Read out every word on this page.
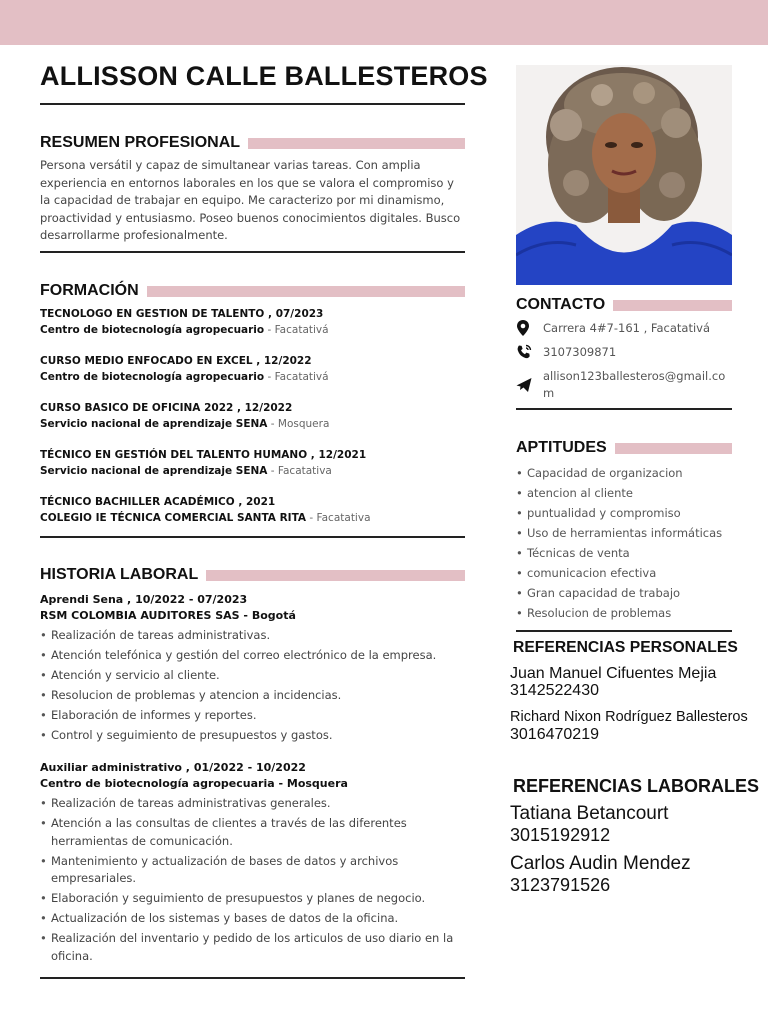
ALLISSON CALLE BALLESTEROS
RESUMEN PROFESIONAL
Persona versátil y capaz de simultanear varias tareas. Con amplia experiencia en entornos laborales en los que se valora el compromiso y la capacidad de trabajar en equipo. Me caracterizo por mi dinamismo, proactividad y entusiasmo. Poseo buenos conocimientos digitales. Busco desarrollarme profesionalmente.
FORMACIÓN
TECNOLOGO EN GESTION DE TALENTO , 07/2023
Centro de biotecnología agropecuario - Facatativá
CURSO MEDIO ENFOCADO EN EXCEL , 12/2022
Centro de biotecnología agropecuario - Facatativá
CURSO BASICO DE OFICINA 2022 , 12/2022
Servicio nacional de aprendizaje SENA - Mosquera
TÉCNICO EN GESTIÓN DEL TALENTO HUMANO , 12/2021
Servicio nacional de aprendizaje SENA - Facatativa
TÉCNICO BACHILLER ACADÉMICO , 2021
COLEGIO IE TÉCNICA COMERCIAL SANTA RITA - Facatativa
HISTORIA LABORAL
Aprendi Sena , 10/2022 - 07/2023
RSM COLOMBIA AUDITORES SAS - Bogotá
• Realización de tareas administrativas.
• Atención telefónica y gestión del correo electrónico de la empresa.
• Atención y servicio al cliente.
• Resolucion de problemas y atencion a incidencias.
• Elaboración de informes y reportes.
• Control y seguimiento de presupuestos y gastos.
Auxiliar administrativo , 01/2022 - 10/2022
Centro de biotecnología agropecuaria - Mosquera
• Realización de tareas administrativas generales.
• Atención a las consultas de clientes a través de las diferentes herramientas de comunicación.
• Mantenimiento y actualización de bases de datos y archivos empresariales.
• Elaboración y seguimiento de presupuestos y planes de negocio.
• Actualización de los sistemas y bases de datos de la oficina.
• Realización del inventario y pedido de los articulos de uso diario en la oficina.
CONTACTO
Carrera 4#7-161 , Facatativá
3107309871
allison123ballesteros@gmail.com
APTITUDES
• Capacidad de organizacion
• atencion al cliente
• puntualidad y compromiso
• Uso de herramientas informáticas
• Técnicas de venta
• comunicacion efectiva
• Gran capacidad de trabajo
• Resolucion de problemas
REFERENCIAS PERSONALES
Juan Manuel Cifuentes Mejia
3142522430
Richard Nixon Rodríguez Ballesteros
3016470219
REFERENCIAS LABORALES
Tatiana Betancourt
3015192912
Carlos Audin Mendez
3123791526
